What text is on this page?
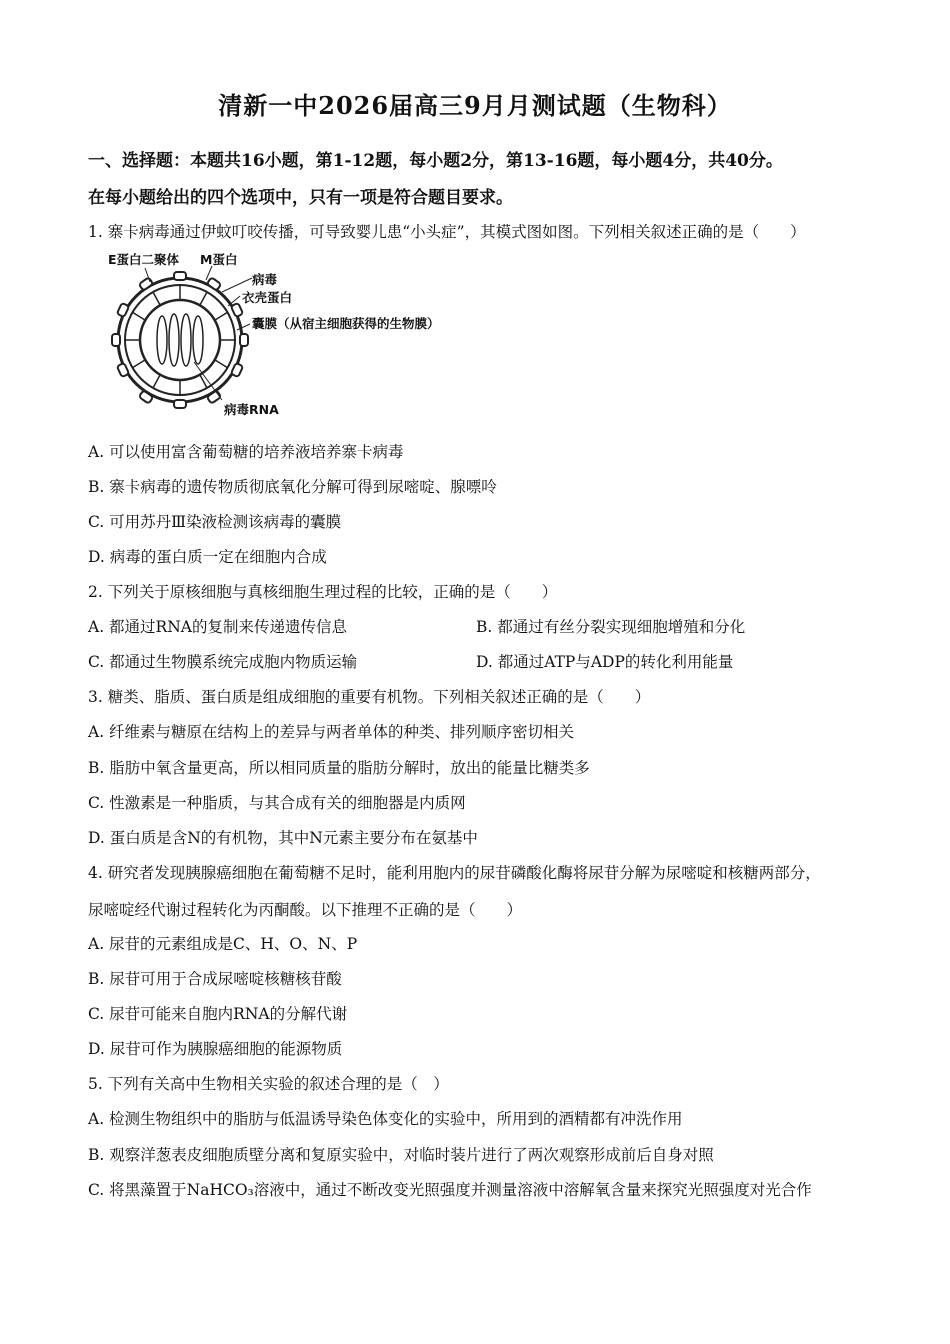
清新一中2026届高三9月月测试题（生物科）
一、选择题：本题共16小题，第1-12题，每小题2分，第13-16题，每小题4分，共40分。
在每小题给出的四个选项中，只有一项是符合题目要求。
1. 寨卡病毒通过伊蚊叮咬传播，可导致婴儿患“小头症”，其模式图如图。下列相关叙述正确的是（　　）
E蛋白二聚体 M蛋白
病毒
衣壳蛋白
囊膜（从宿主细胞获得的生物膜）
病毒RNA
A. 可以使用富含葡萄糖的培养液培养寨卡病毒
B. 寨卡病毒的遗传物质彻底氧化分解可得到尿嘧啶、腺嘌呤
C. 可用苏丹Ⅲ染液检测该病毒的囊膜
D. 病毒的蛋白质一定在细胞内合成
2. 下列关于原核细胞与真核细胞生理过程的比较，正确的是（　　）
A. 都通过RNA的复制来传递遗传信息	B. 都通过有丝分裂实现细胞增殖和分化
C. 都通过生物膜系统完成胞内物质运输	D. 都通过ATP与ADP的转化利用能量
3. 糖类、脂质、蛋白质是组成细胞的重要有机物。下列相关叙述正确的是（　　）
A. 纤维素与糖原在结构上的差异与两者单体的种类、排列顺序密切相关
B. 脂肪中氧含量更高，所以相同质量的脂肪分解时，放出的能量比糖类多
C. 性激素是一种脂质，与其合成有关的细胞器是内质网
D. 蛋白质是含N的有机物，其中N元素主要分布在氨基中
4. 研究者发现胰腺癌细胞在葡萄糖不足时，能利用胞内的尿苷磷酸化酶将尿苷分解为尿嘧啶和核糖两部分，
尿嘧啶经代谢过程转化为丙酮酸。以下推理不正确的是（　　）
A. 尿苷的元素组成是C、H、O、N、P
B. 尿苷可用于合成尿嘧啶核糖核苷酸
C. 尿苷可能来自胞内RNA的分解代谢
D. 尿苷可作为胰腺癌细胞的能源物质
5. 下列有关高中生物相关实验的叙述合理的是（　）
A. 检测生物组织中的脂肪与低温诱导染色体变化的实验中，所用到的酒精都有冲洗作用
B. 观察洋葱表皮细胞质壁分离和复原实验中，对临时装片进行了两次观察形成前后自身对照
C. 将黑藻置于NaHCO₃溶液中，通过不断改变光照强度并测量溶液中溶解氧含量来探究光照强度对光合作
